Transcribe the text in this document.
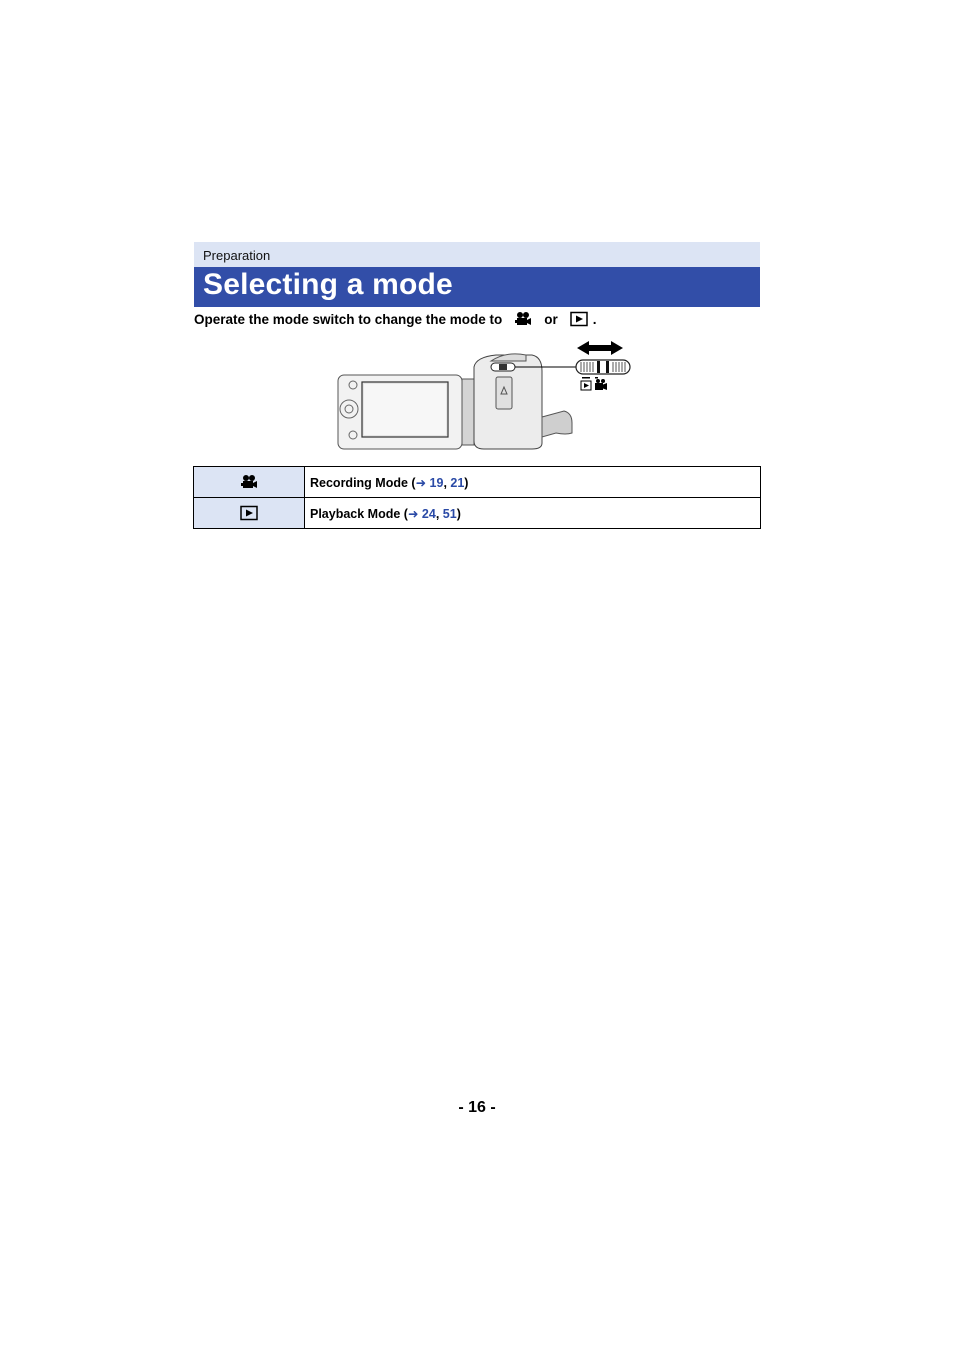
Preparation
Selecting a mode
Operate the mode switch to change the mode to	or	.
	Recording Mode (➜ 19, 21)
	Playback Mode (➜ 24, 51)
- 16 -
